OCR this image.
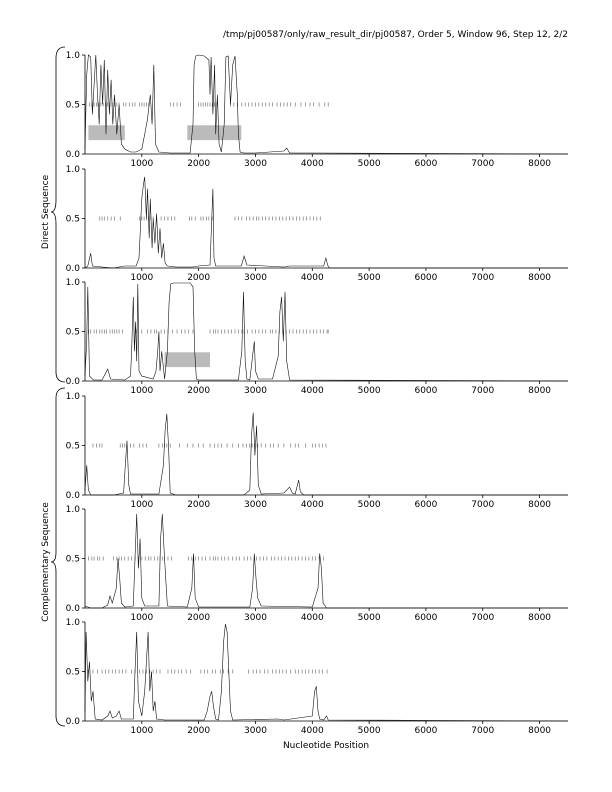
/tmp/pj00587/only/raw_result_dir/pj00587, Order 5, Window 96, Step 12, 2/2
0.0
0.5
1.0
1000	2000	3000	4000	5000	6000	7000	8000
0.0
0.5
1.0
1000	2000	3000	4000	5000	6000	7000	8000
0.0
0.5
1.0
1000	2000	3000	4000	5000	6000	7000	8000
0.0
0.5
1.0
1000	2000	3000	4000	5000	6000	7000	8000
0.0
0.5
1.0
1000	2000	3000	4000	5000	6000	7000	8000
0.0
0.5
1.0
1000	2000	3000	4000	5000	6000	7000	8000
Direct Sequence
Complementary Sequence
Nucleotide Position
